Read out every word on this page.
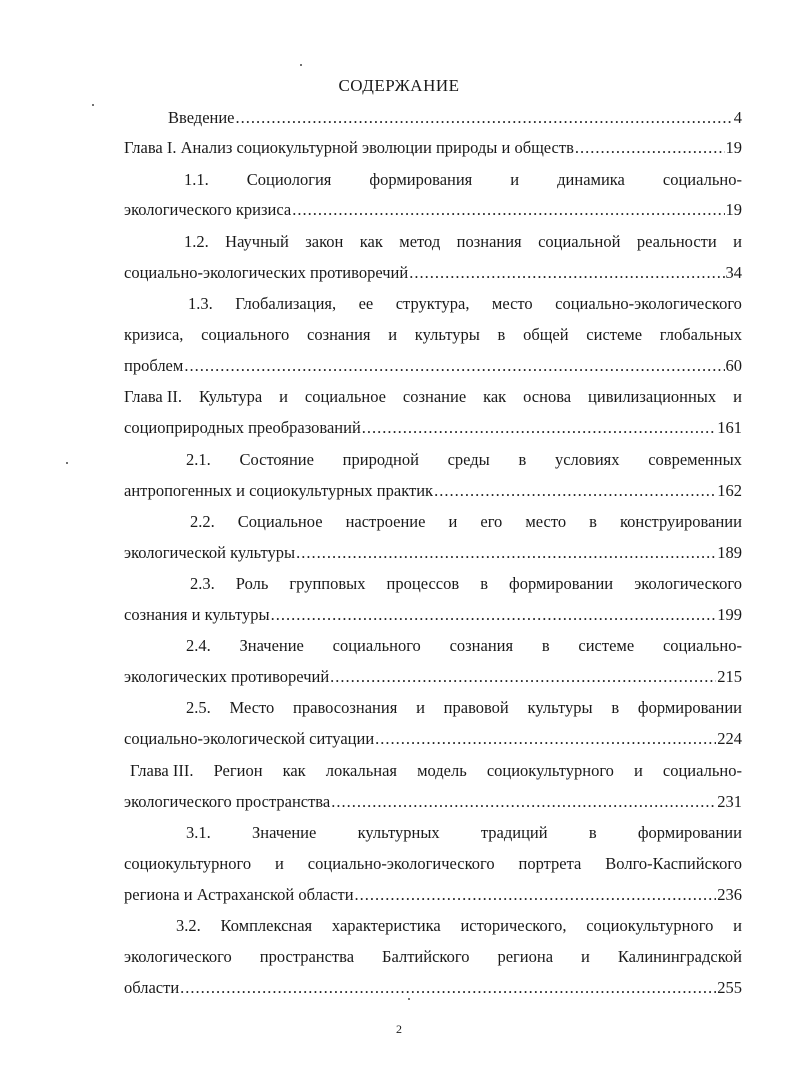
СОДЕРЖАНИЕ
Введение .....	4
Глава I. Анализ социокультурной эволюции природы и обществ .....	19
1.1. Социология формирования и динамика социально-
экологического кризиса .....	19
1.2. Научный закон как метод познания социальной реальности и
социально-экологических противоречий .....	34
1.3. Глобализация, ее структура, место социально-экологического
кризиса, социального сознания и культуры в общей системе глобальных
проблем .....	60
Глава II. Культура и социальное сознание как основа цивилизационных и
социоприродных преобразований .....	161
2.1. Состояние природной среды в условиях современных
антропогенных и социокультурных практик .....	162
2.2. Социальное настроение и его место в конструировании
экологической культуры .....	189
2.3. Роль групповых процессов в формировании экологического
сознания и культуры .....	199
2.4. Значение социального сознания в системе социально-
экологических противоречий .....	215
2.5. Место правосознания и правовой культуры в формировании
социально-экологической ситуации .....	224
Глава III. Регион как локальная модель социокультурного и социально-
экологического пространства .....	231
3.1. Значение культурных традиций в формировании
социокультурного и социально-экологического портрета Волго-Каспийского
региона и Астраханской области .....	236
3.2. Комплексная характеристика исторического, социокультурного и
экологического пространства Балтийского региона и Калининградской
области .....	255
2
